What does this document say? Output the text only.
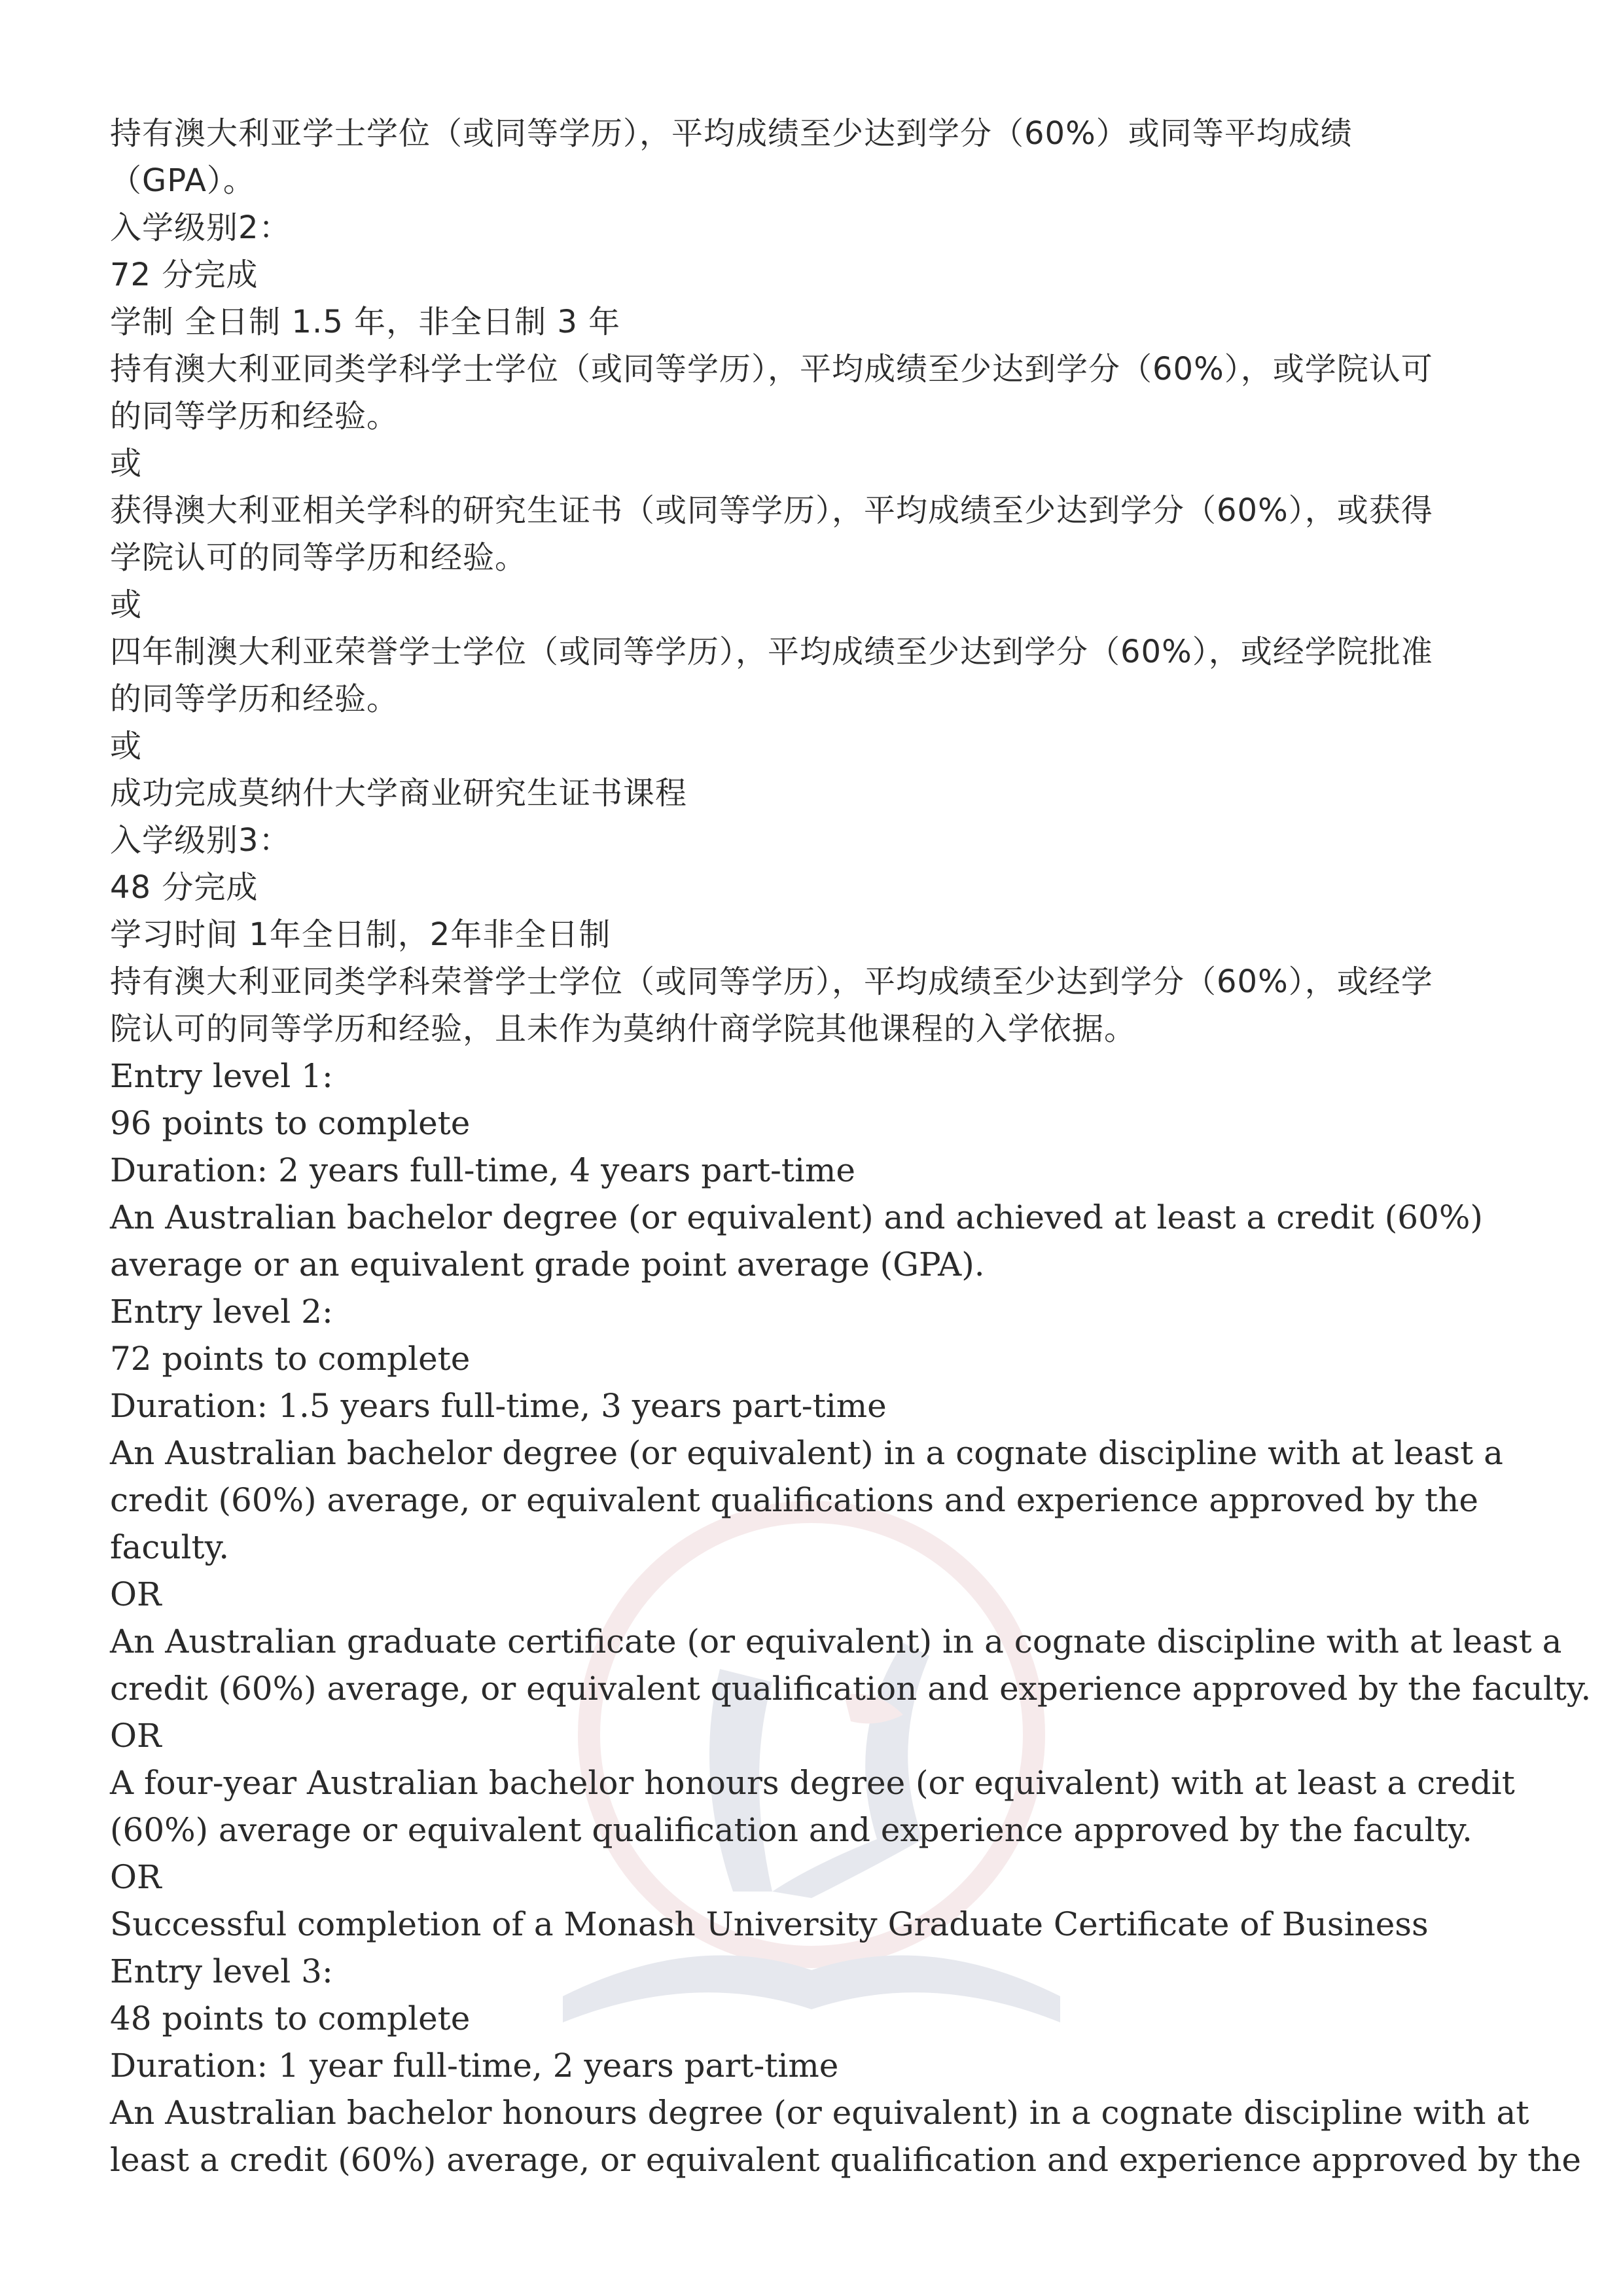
持有澳大利亚学士学位（或同等学历），平均成绩至少达到学分（60%）或同等平均成绩

（GPA）。

入学级别2：

72 分完成

学制 全日制 1.5 年，非全日制 3 年

持有澳大利亚同类学科学士学位（或同等学历），平均成绩至少达到学分（60%），或学院认可

的同等学历和经验。

或

获得澳大利亚相关学科的研究生证书（或同等学历），平均成绩至少达到学分（60%），或获得

学院认可的同等学历和经验。

或

四年制澳大利亚荣誉学士学位（或同等学历），平均成绩至少达到学分（60%），或经学院批准

的同等学历和经验。

或

成功完成莫纳什大学商业研究生证书课程

入学级别3：

48 分完成

学习时间 1年全日制，2年非全日制

持有澳大利亚同类学科荣誉学士学位（或同等学历），平均成绩至少达到学分（60%），或经学

院认可的同等学历和经验，且未作为莫纳什商学院其他课程的入学依据。

Entry level 1:

96 points to complete

Duration: 2 years full-time, 4 years part-time

An Australian bachelor degree (or equivalent) and achieved at least a credit (60%)

average or an equivalent grade point average (GPA).

Entry level 2:

72 points to complete

Duration: 1.5 years full-time, 3 years part-time

An Australian bachelor degree (or equivalent) in a cognate discipline with at least a

credit (60%) average, or equivalent qualifications and experience approved by the

faculty.

OR

An Australian graduate certificate (or equivalent) in a cognate discipline with at least a

credit (60%) average, or equivalent qualification and experience approved by the faculty.

OR

A four-year Australian bachelor honours degree (or equivalent) with at least a credit

(60%) average or equivalent qualification and experience approved by the faculty.

OR

Successful completion of a Monash University Graduate Certificate of Business

Entry level 3:

48 points to complete

Duration: 1 year full-time, 2 years part-time

An Australian bachelor honours degree (or equivalent) in a cognate discipline with at

least a credit (60%) average, or equivalent qualification and experience approved by the
